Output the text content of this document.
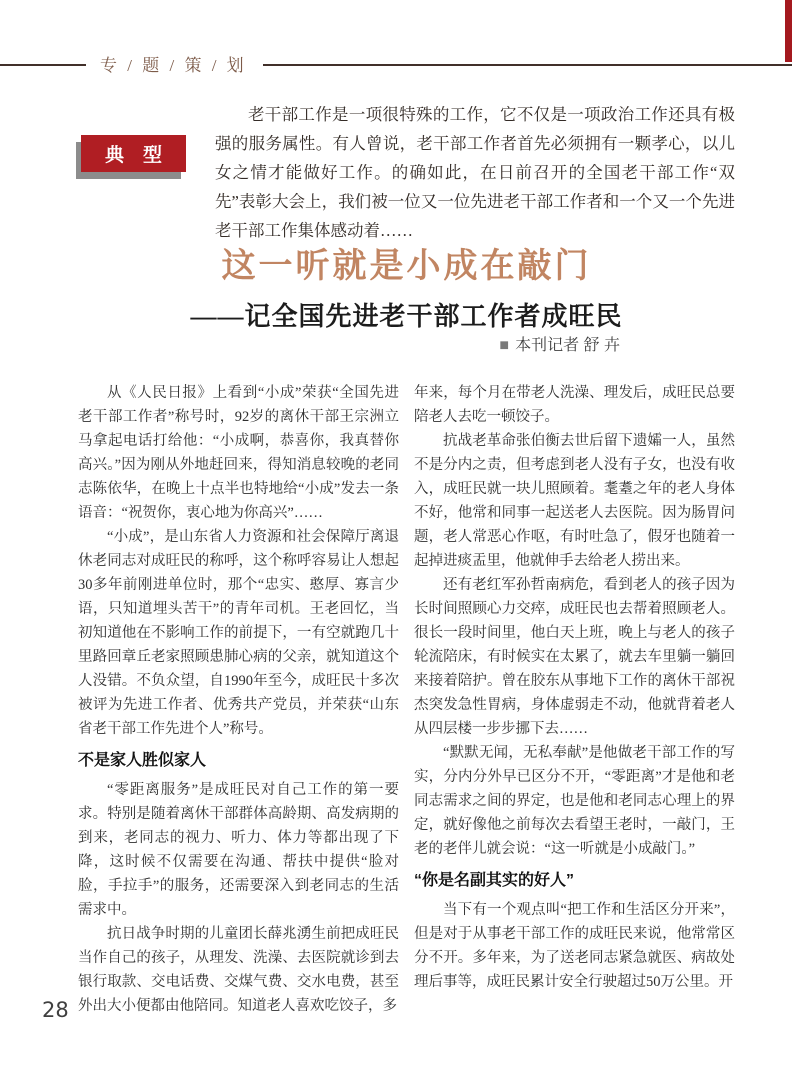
专 / 题 / 策 / 划
典　型
老干部工作是一项很特殊的工作，它不仅是一项政治工作还具有极强的服务属性。有人曾说，老干部工作者首先必须拥有一颗孝心，以儿女之情才能做好工作。的确如此，在日前召开的全国老干部工作“双先”表彰大会上，我们被一位又一位先进老干部工作者和一个又一个先进老干部工作集体感动着……
这一听就是小成在敲门
——记全国先进老干部工作者成旺民
■ 本刊记者 舒 卉

从《人民日报》上看到“小成”荣获“全国先进老干部工作者”称号时，92岁的离休干部王宗洲立马拿起电话打给他：“小成啊，恭喜你，我真替你高兴。”因为刚从外地赶回来，得知消息较晚的老同志陈依华，在晚上十点半也特地给“小成”发去一条语音：“祝贺你，衷心地为你高兴”……

“小成”，是山东省人力资源和社会保障厅离退休老同志对成旺民的称呼，这个称呼容易让人想起30多年前刚进单位时，那个“忠实、憨厚、寡言少语，只知道埋头苦干”的青年司机。王老回忆，当初知道他在不影响工作的前提下，一有空就跑几十里路回章丘老家照顾患肺心病的父亲，就知道这个人没错。不负众望，自1990年至今，成旺民十多次被评为先进工作者、优秀共产党员，并荣获“山东省老干部工作先进个人”称号。

不是家人胜似家人

“零距离服务”是成旺民对自己工作的第一要求。特别是随着离休干部群体高龄期、高发病期的到来，老同志的视力、听力、体力等都出现了下降，这时候不仅需要在沟通、帮扶中提供“脸对脸，手拉手”的服务，还需要深入到老同志的生活需求中。

抗日战争时期的儿童团长薛兆湧生前把成旺民当作自己的孩子，从理发、洗澡、去医院就诊到去银行取款、交电话费、交煤气费、交水电费，甚至外出大小便都由他陪同。知道老人喜欢吃饺子，多

年来，每个月在带老人洗澡、理发后，成旺民总要陪老人去吃一顿饺子。

抗战老革命张伯衡去世后留下遗孀一人，虽然不是分内之责，但考虑到老人没有子女，也没有收入，成旺民就一块儿照顾着。耄耋之年的老人身体不好，他常和同事一起送老人去医院。因为肠胃问题，老人常恶心作呕，有时吐急了，假牙也随着一起掉进痰盂里，他就伸手去给老人捞出来。

还有老红军孙哲南病危，看到老人的孩子因为长时间照顾心力交瘁，成旺民也去帮着照顾老人。很长一段时间里，他白天上班，晚上与老人的孩子轮流陪床，有时候实在太累了，就去车里躺一躺回来接着陪护。曾在胶东从事地下工作的离休干部祝杰突发急性胃病，身体虚弱走不动，他就背着老人从四层楼一步步挪下去……

“默默无闻，无私奉献”是他做老干部工作的写实，分内分外早已区分不开，“零距离”才是他和老同志需求之间的界定，也是他和老同志心理上的界定，就好像他之前每次去看望王老时，一敲门，王老的老伴儿就会说：“这一听就是小成敲门。”

“你是名副其实的好人”

当下有一个观点叫“把工作和生活区分开来”，但是对于从事老干部工作的成旺民来说，他常常区分不开。多年来，为了送老同志紧急就医、病故处理后事等，成旺民累计安全行驶超过50万公里。开

28
